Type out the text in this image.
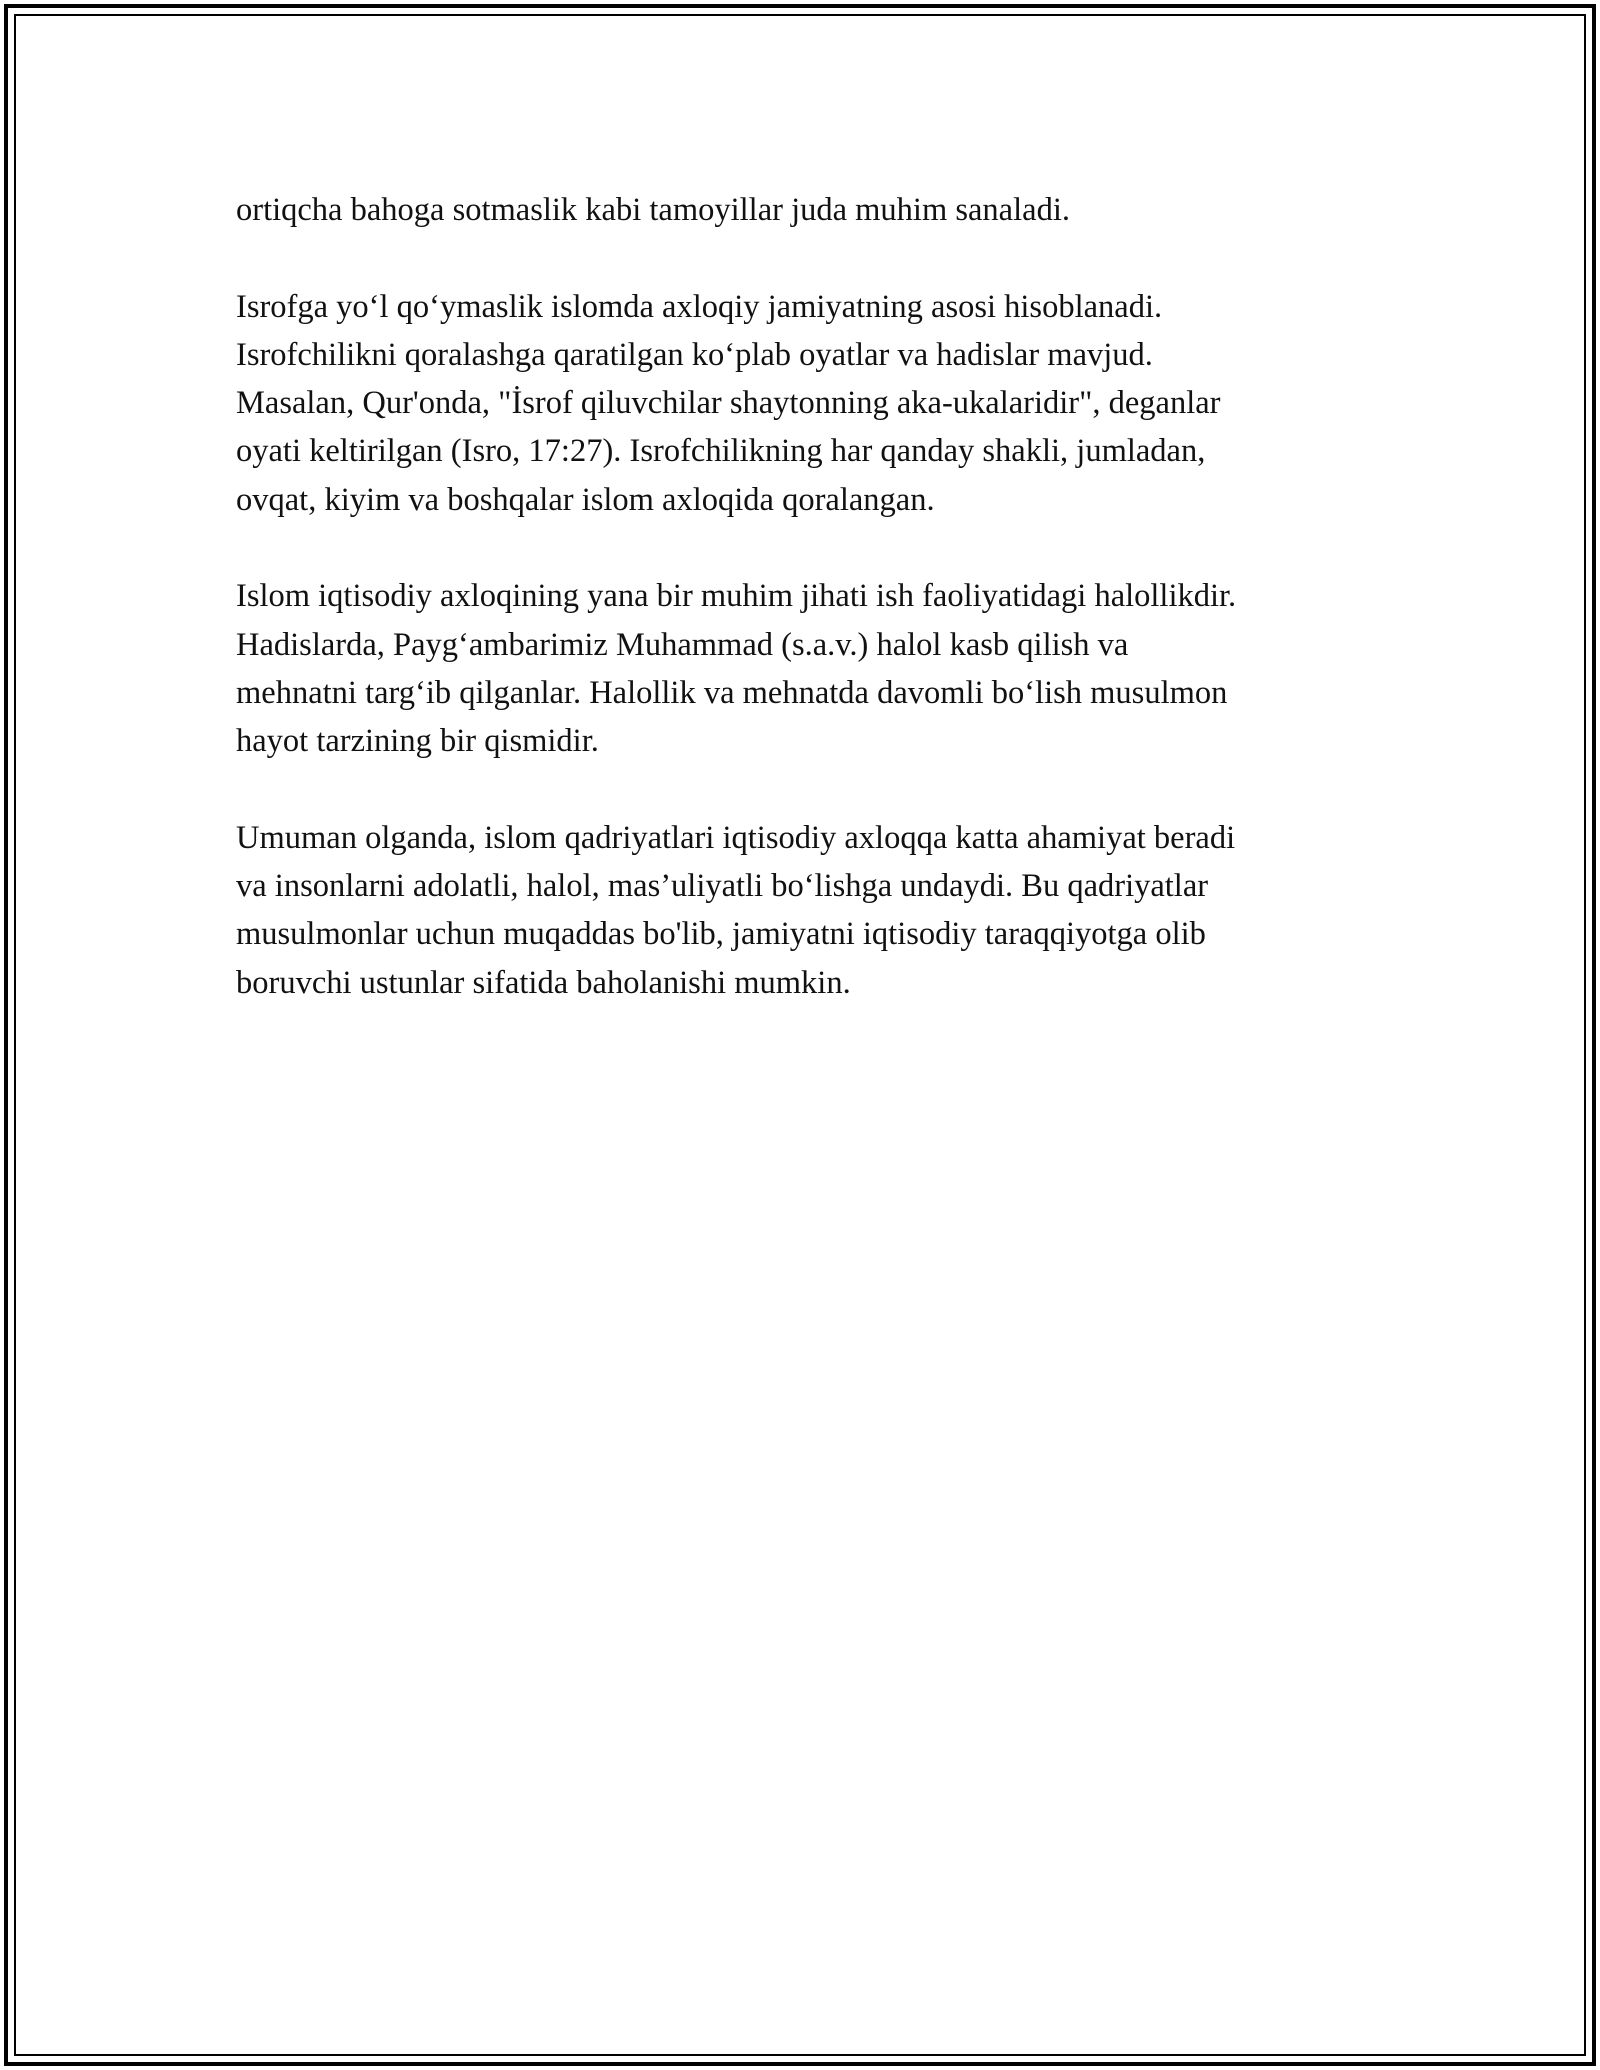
ortiqcha bahoga sotmaslik kabi tamoyillar juda muhim sanaladi.

Isrofga yo‘l qo‘ymaslik islomda axloqiy jamiyatning asosi hisoblanadi.
Isrofchilikni qoralashga qaratilgan ko‘plab oyatlar va hadislar mavjud.
Masalan, Qur'onda, "İsrof qiluvchilar shaytonning aka-ukalaridir", deganlar
oyati keltirilgan (Isro, 17:27). Isrofchilikning har qanday shakli, jumladan,
ovqat, kiyim va boshqalar islom axloqida qoralangan.

Islom iqtisodiy axloqining yana bir muhim jihati ish faoliyatidagi halollikdir.
Hadislarda, Payg‘ambarimiz Muhammad (s.a.v.) halol kasb qilish va
mehnatni targ‘ib qilganlar. Halollik va mehnatda davomli bo‘lish musulmon
hayot tarzining bir qismidir.

Umuman olganda, islom qadriyatlari iqtisodiy axloqqa katta ahamiyat beradi
va insonlarni adolatli, halol, mas’uliyatli bo‘lishga undaydi. Bu qadriyatlar
musulmonlar uchun muqaddas bo'lib, jamiyatni iqtisodiy taraqqiyotga olib
boruvchi ustunlar sifatida baholanishi mumkin.
